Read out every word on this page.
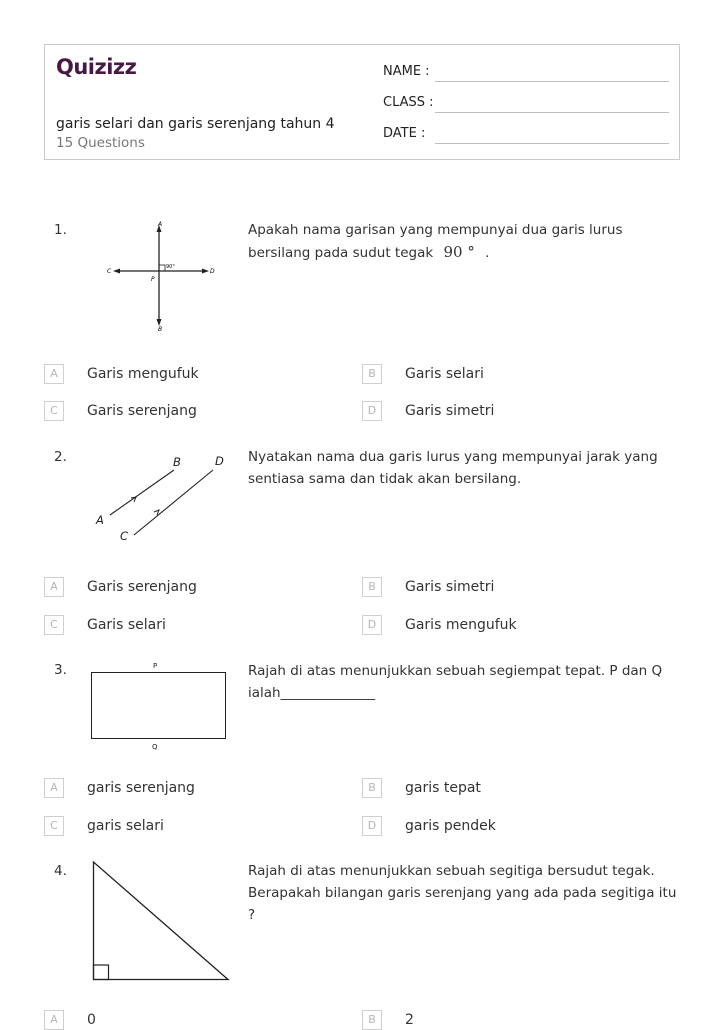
Quizizz
garis selari dan garis serenjang tahun 4
15 Questions
NAME :
CLASS :
DATE :
1.	A
B
C	D
P
90°
Apakah nama garisan yang mempunyai dua garis lurus bersilang pada sudut tegak 90 ° .
A	Garis mengufuk	B	Garis selari
C	Garis serenjang	D	Garis simetri
2.
A
B
C
D Nyatakan nama dua garis lurus yang mempunyai jarak yang sentiasa sama dan tidak akan bersilang.
A	Garis serenjang	B	Garis simetri
C	Garis selari	D	Garis mengufuk
3.	P
Q
Rajah di atas menunjukkan sebuah segiempat tepat. P dan Q ialah______________
A	garis serenjang	B	garis tepat
C	garis selari	D	garis pendek
4.	Rajah di atas menunjukkan sebuah segitiga bersudut tegak. Berapakah bilangan garis serenjang yang ada pada segitiga itu ?
A	0	B	2
